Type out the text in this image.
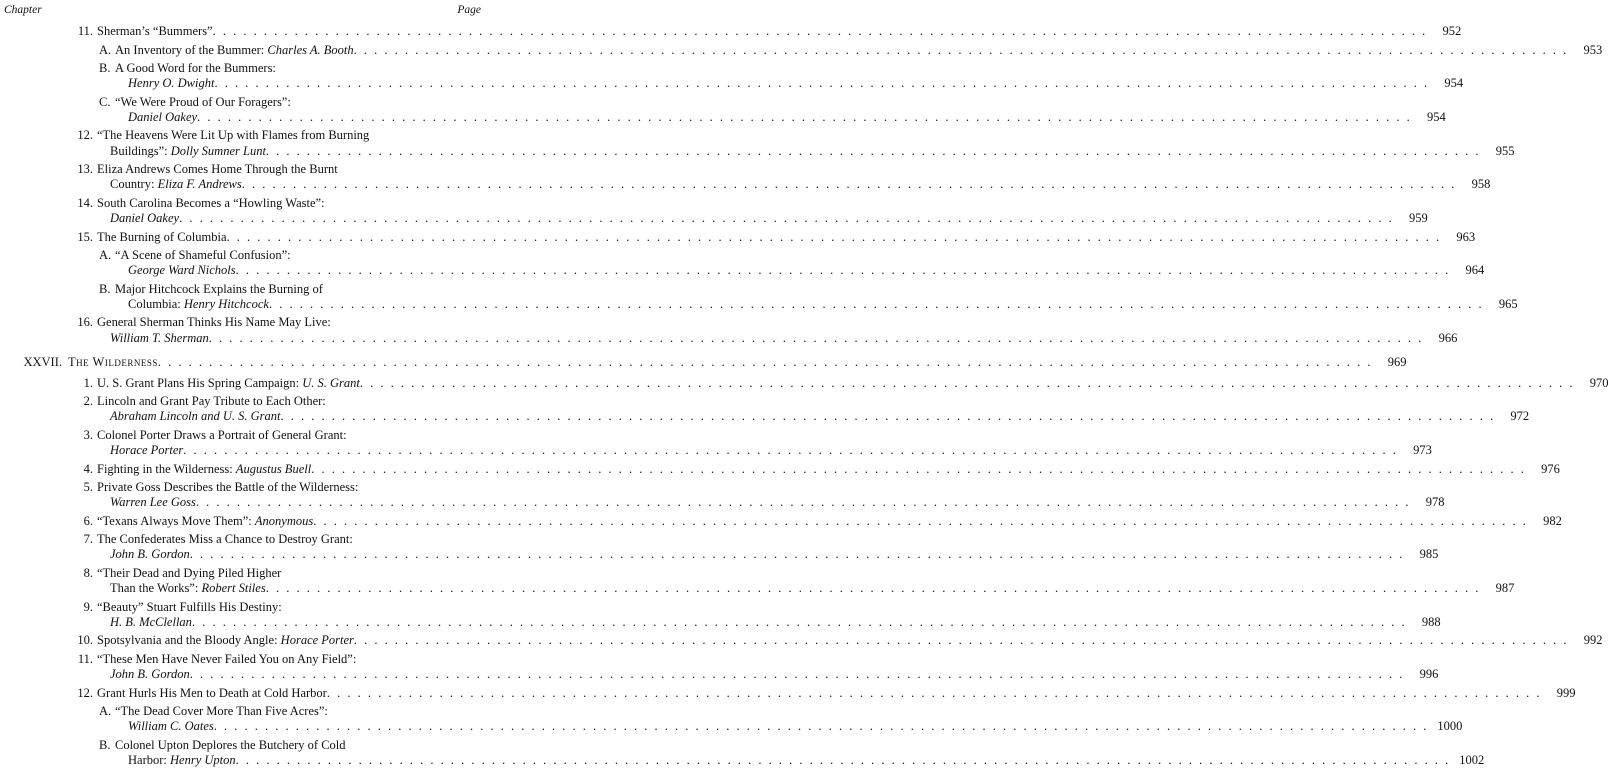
Chapter	Page
11. Sherman’s “Bummers” . . .	952
A. An Inventory of the Bummer: Charles A. Booth . . .	953
B. A Good Word for the Bummers:
Henry O. Dwight . . .	954
C. “We Were Proud of Our Foragers”:
Daniel Oakey . . .	954
12. “The Heavens Were Lit Up with Flames from Burning
Buildings”: Dolly Sumner Lunt . . .	955
13. Eliza Andrews Comes Home Through the Burnt
Country: Eliza F. Andrews . . .	958
14. South Carolina Becomes a “Howling Waste”:
Daniel Oakey . . .	959
15. The Burning of Columbia . . .	963
A. “A Scene of Shameful Confusion”:
George Ward Nichols . . .	964
B. Major Hitchcock Explains the Burning of
Columbia: Henry Hitchcock . . .	965
16. General Sherman Thinks His Name May Live:
William T. Sherman . . .	966
XXVII. The Wilderness . . .	969
1. U. S. Grant Plans His Spring Campaign: U. S. Grant . . .	970
2. Lincoln and Grant Pay Tribute to Each Other:
Abraham Lincoln and U. S. Grant . . .	972
3. Colonel Porter Draws a Portrait of General Grant:
Horace Porter . . .	973
4. Fighting in the Wilderness: Augustus Buell . . .	976
5. Private Goss Describes the Battle of the Wilderness:
Warren Lee Goss . . .	978
6. “Texans Always Move Them”: Anonymous . . .	982
7. The Confederates Miss a Chance to Destroy Grant:
John B. Gordon . . .	985
8. “Their Dead and Dying Piled Higher
Than the Works”: Robert Stiles . . .	987
9. “Beauty” Stuart Fulfills His Destiny:
H. B. McClellan . . .	988
10. Spotsylvania and the Bloody Angle: Horace Porter . . .	992
11. “These Men Have Never Failed You on Any Field”:
John B. Gordon . . .	996
12. Grant Hurls His Men to Death at Cold Harbor . . .	999
A. “The Dead Cover More Than Five Acres”:
William C. Oates . . .	1000
B. Colonel Upton Deplores the Butchery of Cold
Harbor: Henry Upton . . .	1002
